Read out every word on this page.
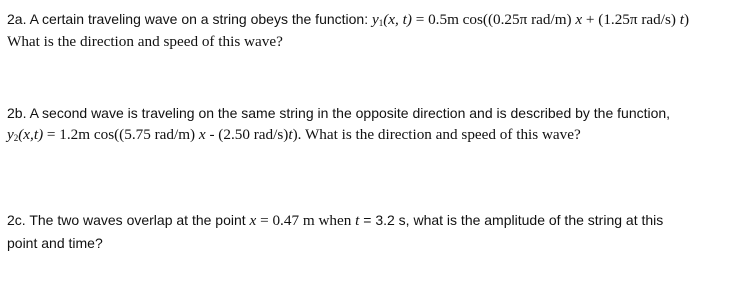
2a. A certain traveling wave on a string obeys the function: $y_1(x$, t) = 0.5m cos((0.25π rad/m) x + (1.25π rad/s) t)
What is the direction and speed of this wave?
2b. A second wave is traveling on the same string in the opposite direction and is described by the function,
$y_2(x,t) = 1.2m$ cos((5.75 rad/m) x - (2.50 rad/s)t). What is the direction and speed of this wave?
2c. The two waves overlap at the point x = 0.47 m when t = 3.2 s, what is the amplitude of the string at this
point and time?
